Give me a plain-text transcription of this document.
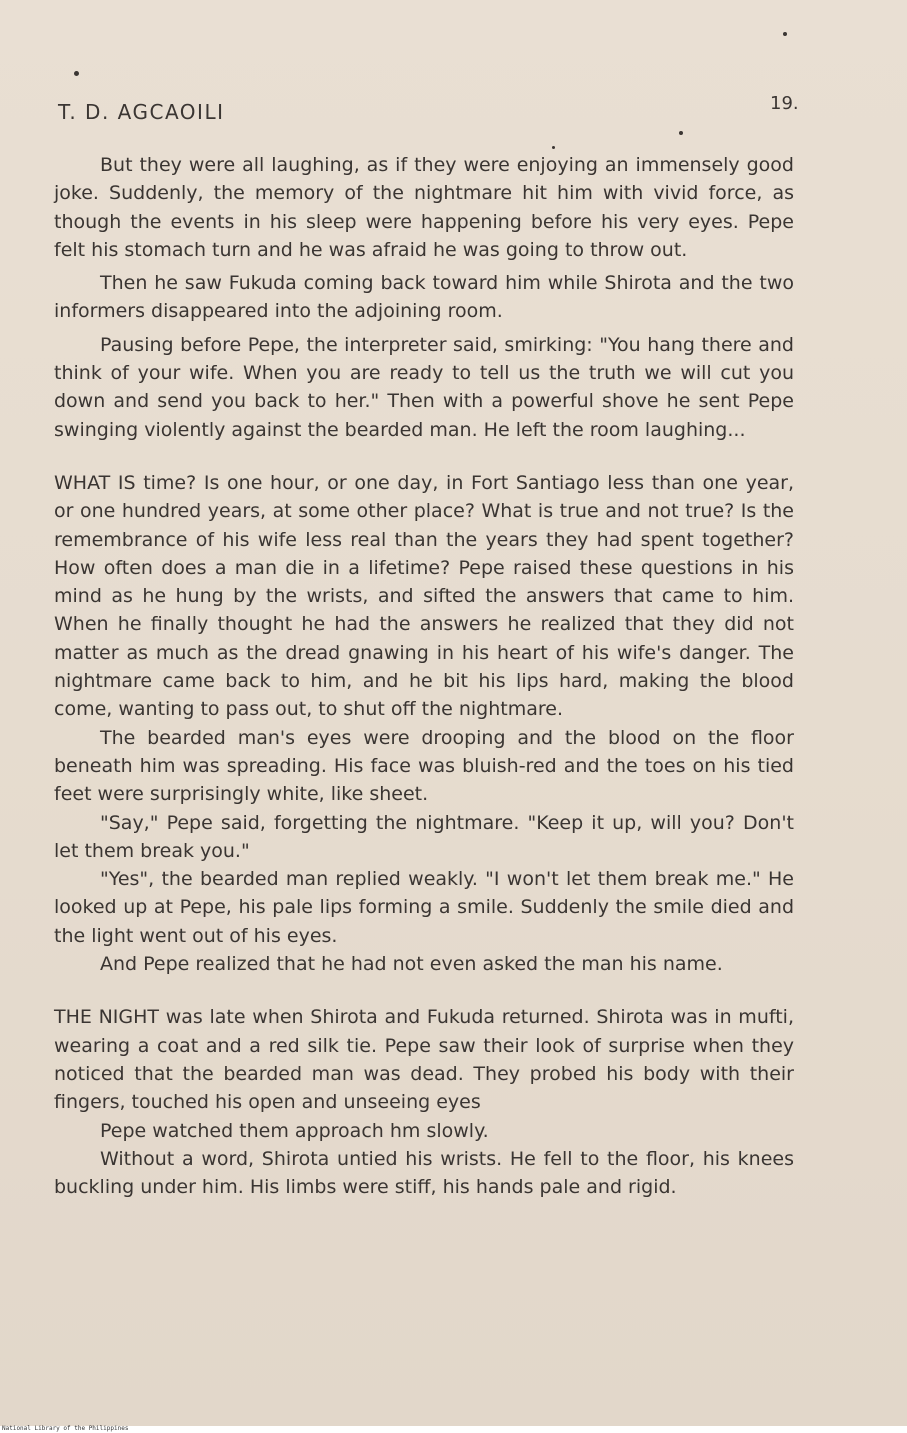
T. D. AGCAOILI	19.

But they were all laughing, as if they were enjoying an immensely good joke. Suddenly, the memory of the nightmare hit him with vivid force, as though the events in his sleep were happening before his very eyes. Pepe felt his stomach turn and he was afraid he was going to throw out.

Then he saw Fukuda coming back toward him while Shirota and the two informers disappeared into the adjoining room.

Pausing before Pepe, the interpreter said, smirking: "You hang there and think of your wife. When you are ready to tell us the truth we will cut you down and send you back to her." Then with a powerful shove he sent Pepe swinging violently against the bearded man. He left the room laughing...

WHAT IS time? Is one hour, or one day, in Fort Santiago less than one year, or one hundred years, at some other place? What is true and not true? Is the remembrance of his wife less real than the years they had spent together? How often does a man die in a lifetime? Pepe raised these questions in his mind as he hung by the wrists, and sifted the answers that came to him. When he finally thought he had the answers he realized that they did not matter as much as the dread gnawing in his heart of his wife's danger. The nightmare came back to him, and he bit his lips hard, making the blood come, wanting to pass out, to shut off the nightmare.

The bearded man's eyes were drooping and the blood on the floor beneath him was spreading. His face was bluish-red and the toes on his tied feet were surprisingly white, like sheet.

"Say," Pepe said, forgetting the nightmare. "Keep it up, will you? Don't let them break you."

"Yes", the bearded man replied weakly. "I won't let them break me." He looked up at Pepe, his pale lips forming a smile. Suddenly the smile died and the light went out of his eyes.

And Pepe realized that he had not even asked the man his name.

THE NIGHT was late when Shirota and Fukuda returned. Shirota was in mufti, wearing a coat and a red silk tie. Pepe saw their look of surprise when they noticed that the bearded man was dead. They probed his body with their fingers, touched his open and unseeing eyes

Pepe watched them approach hm slowly.

Without a word, Shirota untied his wrists. He fell to the floor, his knees buckling under him. His limbs were stiff, his hands pale and rigid.

National Library of the Philippines
